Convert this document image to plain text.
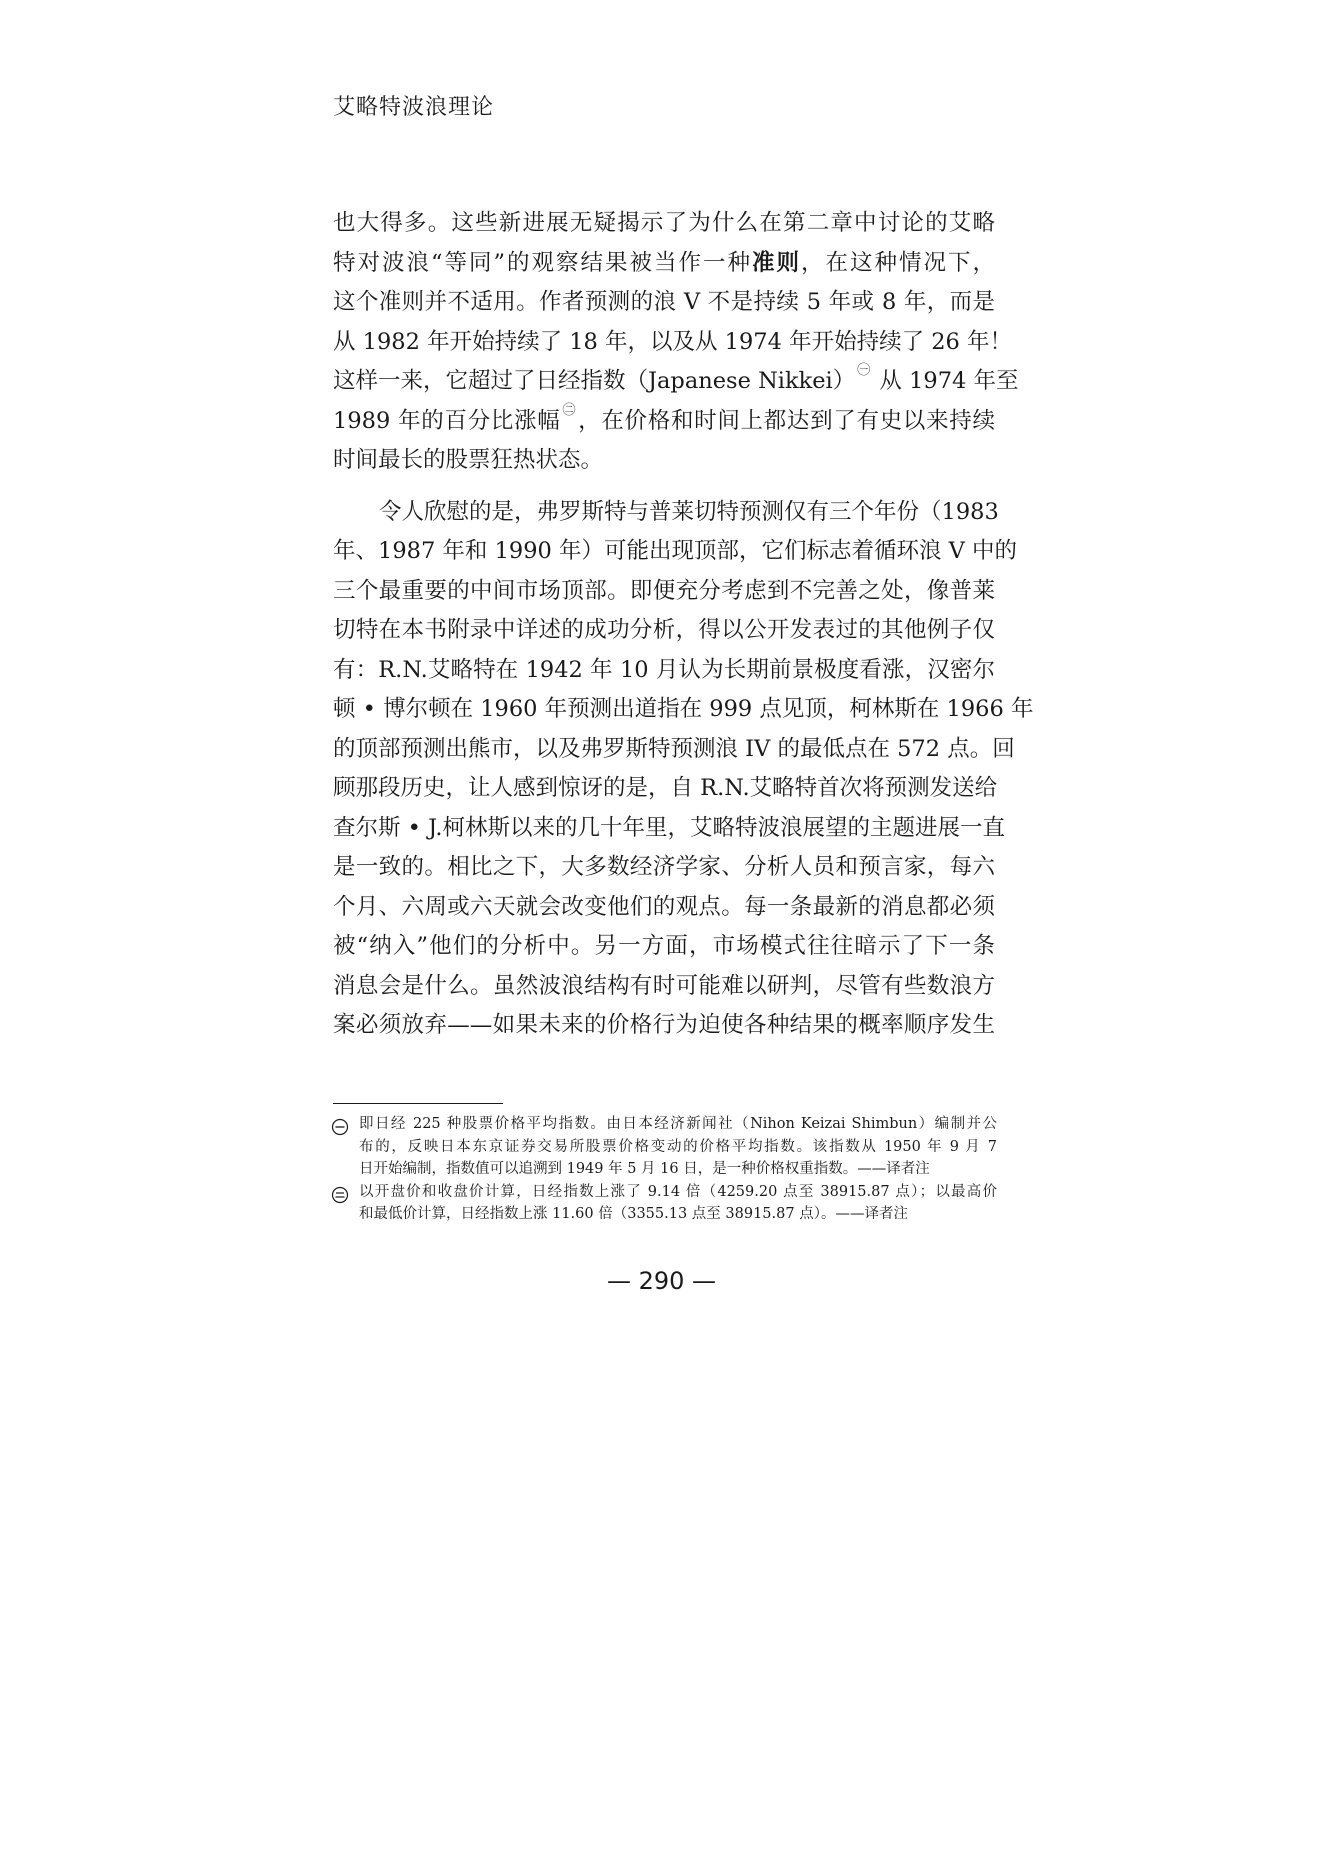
艾略特波浪理论
也大得多。这些新进展无疑揭示了为什么在第二章中讨论的艾略
特对波浪“等同”的观察结果被当作一种准则，在这种情况下，
这个准则并不适用。作者预测的浪 V 不是持续 5 年或 8 年，而是
从 1982 年开始持续了 18 年，以及从 1974 年开始持续了 26 年！
这样一来，它超过了日经指数（Japanese Nikkei） $^㊀$ 从 1974 年至
1989 年的百分比涨幅 $^㊁$，在价格和时间上都达到了有史以来持续
时间最长的股票狂热状态。
令人欣慰的是，弗罗斯特与普莱切特预测仅有三个年份（1983
年、1987 年和 1990 年）可能出现顶部，它们标志着循环浪 V 中的
三个最重要的中间市场顶部。即便充分考虑到不完善之处，像普莱
切特在本书附录中详述的成功分析，得以公开发表过的其他例子仅
有：R.N.艾略特在 1942 年 10 月认为长期前景极度看涨，汉密尔
顿 • 博尔顿在 1960 年预测出道指在 999 点见顶，柯林斯在 1966 年
的顶部预测出熊市，以及弗罗斯特预测浪 IV 的最低点在 572 点。回
顾那段历史，让人感到惊讶的是，自 R.N.艾略特首次将预测发送给
查尔斯 • J.柯林斯以来的几十年里，艾略特波浪展望的主题进展一直
是一致的。相比之下，大多数经济学家、分析人员和预言家，每六
个月、六周或六天就会改变他们的观点。每一条最新的消息都必须
被“纳入”他们的分析中。另一方面，市场模式往往暗示了下一条
消息会是什么。虽然波浪结构有时可能难以研判，尽管有些数浪方
案必须放弃——如果未来的价格行为迫使各种结果的概率顺序发生
即日经 225 种股票价格平均指数。由日本经济新闻社（Nihon Keizai Shimbun）编制并公
布的，反映日本东京证券交易所股票价格变动的价格平均指数。该指数从 1950 年 9 月 7
日开始编制，指数值可以追溯到 1949 年 5 月 16 日，是一种价格权重指数。——译者注
以开盘价和收盘价计算，日经指数上涨了 9.14 倍（4259.20 点至 38915.87 点）；以最高价
和最低价计算，日经指数上涨 11.60 倍（3355.13 点至 38915.87 点）。——译者注
— 290 —
